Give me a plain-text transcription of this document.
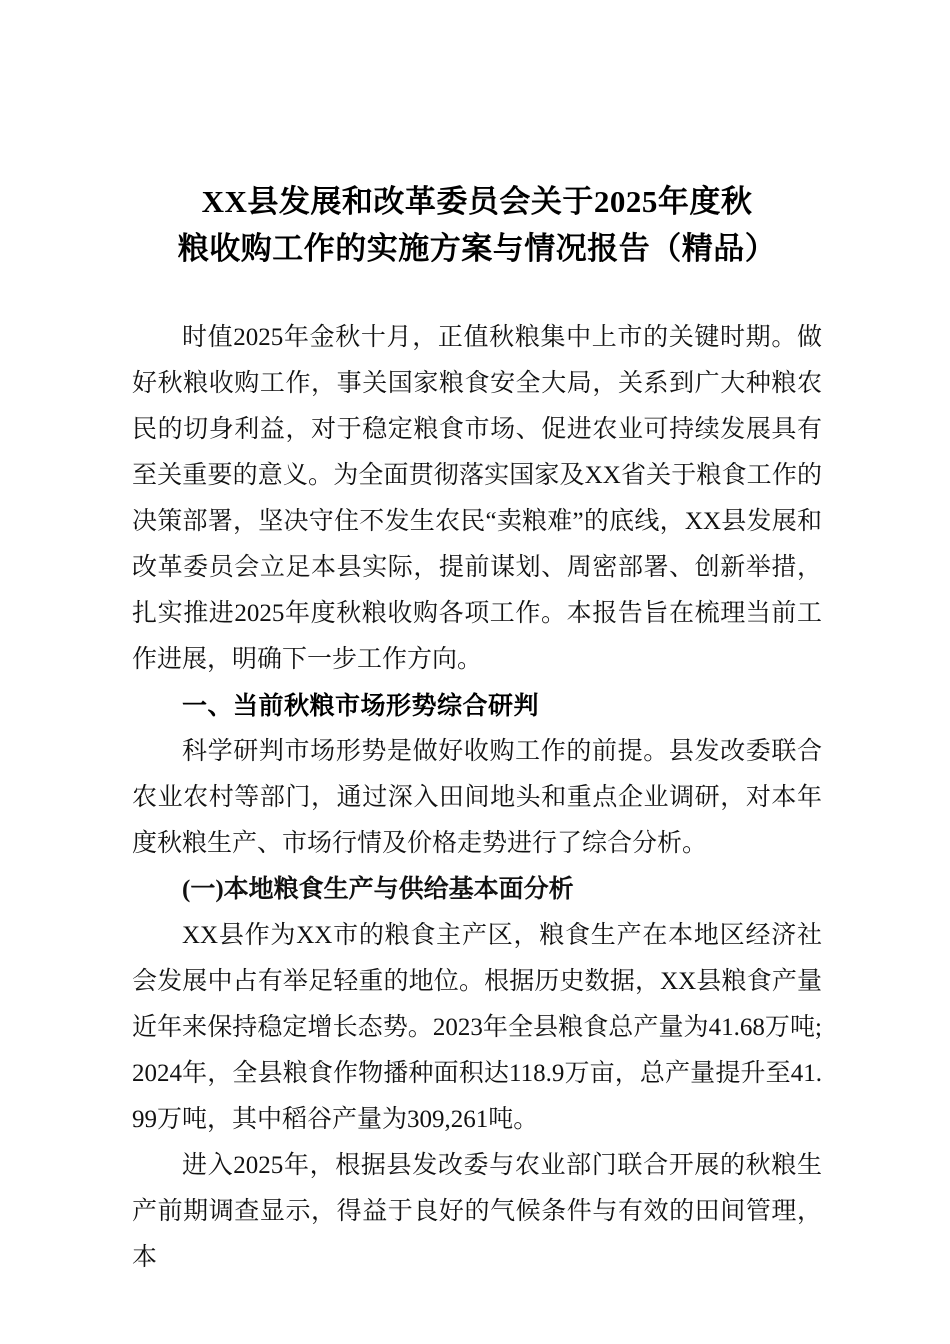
XX县发展和改革委员会关于2025年度秋
粮收购工作的实施方案与情况报告（精品）

时值2025年金秋十月，正值秋粮集中上市的关键时期。做好秋粮收购工作，事关国家粮食安全大局，关系到广大种粮农民的切身利益，对于稳定粮食市场、促进农业可持续发展具有至关重要的意义。为全面贯彻落实国家及XX省关于粮食工作的决策部署，坚决守住不发生农民“卖粮难”的底线，XX县发展和改革委员会立足本县实际，提前谋划、周密部署、创新举措，扎实推进2025年度秋粮收购各项工作。本报告旨在梳理当前工作进展，明确下一步工作方向。

一、当前秋粮市场形势综合研判

科学研判市场形势是做好收购工作的前提。县发改委联合农业农村等部门，通过深入田间地头和重点企业调研，对本年度秋粮生产、市场行情及价格走势进行了综合分析。

(一)本地粮食生产与供给基本面分析

XX县作为XX市的粮食主产区，粮食生产在本地区经济社会发展中占有举足轻重的地位。根据历史数据，XX县粮食产量近年来保持稳定增长态势。2023年全县粮食总产量为41.68万吨;2024年，全县粮食作物播种面积达118.9万亩，总产量提升至41.99万吨，其中稻谷产量为309,261吨。

进入2025年，根据县发改委与农业部门联合开展的秋粮生产前期调查显示，得益于良好的气候条件与有效的田间管理，本
